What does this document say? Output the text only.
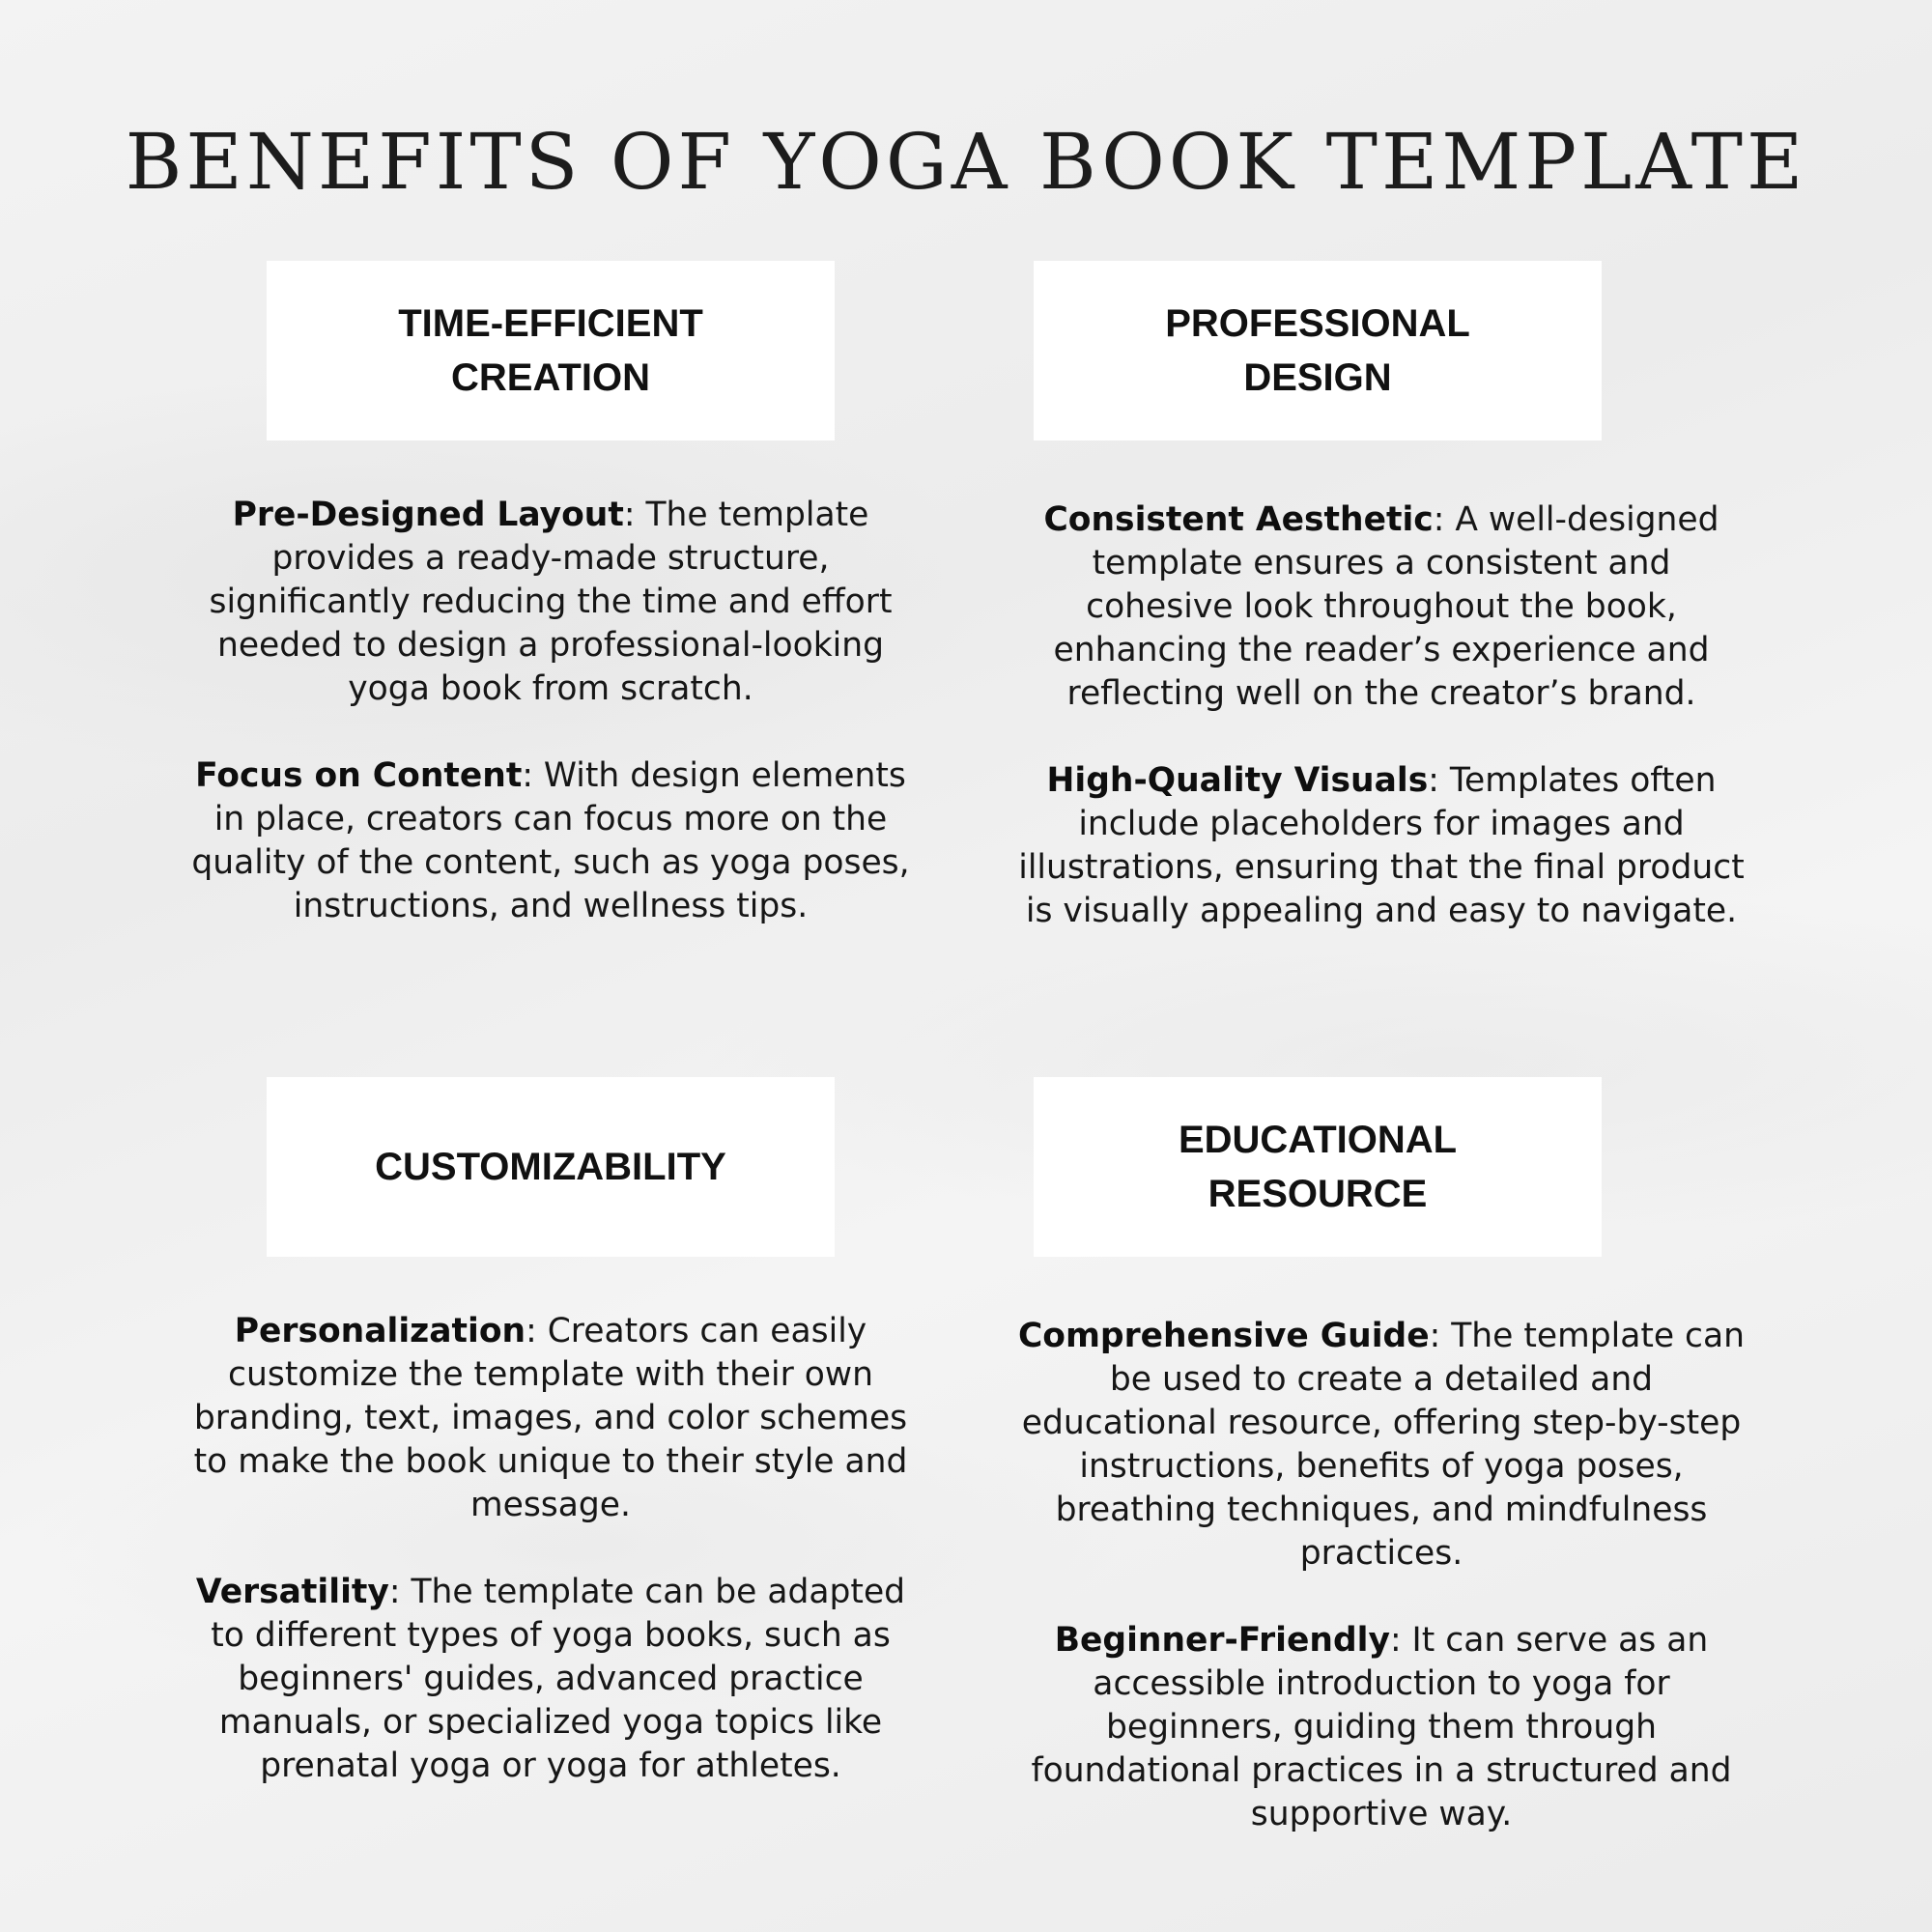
BENEFITS OF YOGA BOOK TEMPLATE
TIME-EFFICIENT CREATION

Pre-Designed Layout: The template provides a ready-made structure, significantly reducing the time and effort needed to design a professional-looking yoga book from scratch.

Focus on Content: With design elements in place, creators can focus more on the quality of the content, such as yoga poses, instructions, and wellness tips.

PROFESSIONAL DESIGN

Consistent Aesthetic: A well-designed template ensures a consistent and cohesive look throughout the book, enhancing the reader’s experience and reflecting well on the creator’s brand.

High-Quality Visuals: Templates often include placeholders for images and illustrations, ensuring that the final product is visually appealing and easy to navigate.

CUSTOMIZABILITY

Personalization: Creators can easily customize the template with their own branding, text, images, and color schemes to make the book unique to their style and message.

Versatility: The template can be adapted to different types of yoga books, such as beginners' guides, advanced practice manuals, or specialized yoga topics like prenatal yoga or yoga for athletes.

EDUCATIONAL RESOURCE

Comprehensive Guide: The template can be used to create a detailed and educational resource, offering step-by-step instructions, benefits of yoga poses, breathing techniques, and mindfulness practices.

Beginner-Friendly: It can serve as an accessible introduction to yoga for beginners, guiding them through foundational practices in a structured and supportive way.
